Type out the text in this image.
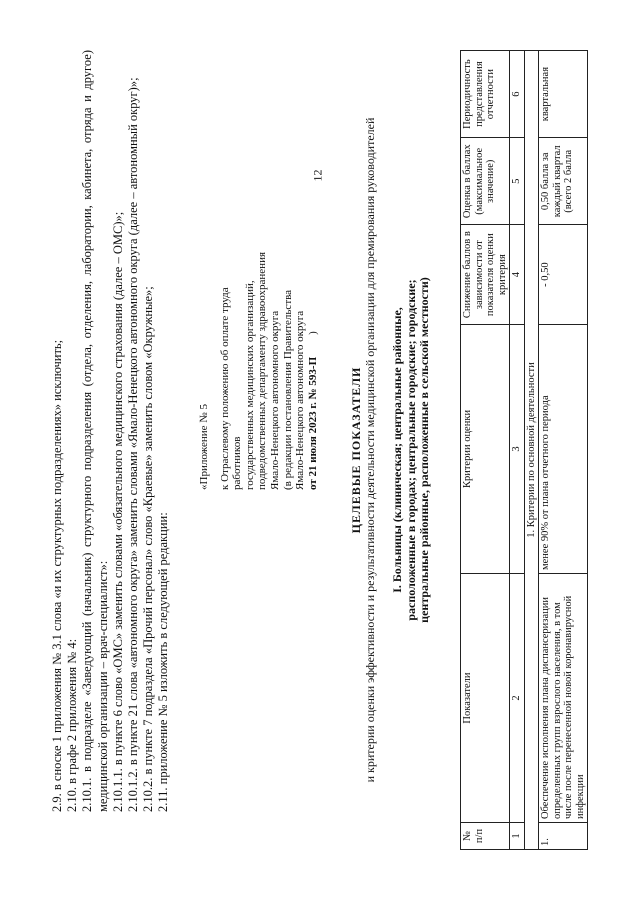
12

2.9. в сноске 1 приложения № 3.1 слова «и их структурных подразделениях» исключить; 2.10. в графе 2 приложения № 4: 2.10.1. в подразделе «Заведующий (начальник) структурного подразделения (отдела, отделения, лаборатории, кабинета, отряда и другое) медицинской организации – врач-специалист»: 2.10.1.1. в пункте 6 слово «ОМС» заменить словами «обязательного медицинского страхования (далее – ОМС)»; 2.10.1.2. в пункте 21 слова «автономного округа» заменить словами «Ямало-Ненецкого автономного округа (далее – автономный округ)»; 2.10.2. в пункте 7 подраздела «Прочий персонал» слово «Краевые» заменить словом «Окружные»; 2.11. приложение № 5 изложить в следующей редакции:

«Приложение № 5 к Отраслевому положению об оплате труда работников государственных медицинских организаций, подведомственных департаменту здравоохранения Ямало-Ненецкого автономного округа (в редакции постановления Правительства Ямало-Ненецкого автономного округа от 21 июля 2023 г. № 593-П        )
ЦЕЛЕВЫЕ ПОКАЗАТЕЛИ и критерии оценки эффективности и результативности деятельности медицинской организации для премирования руководителей I. Больницы (клиническая; центральные районные, расположенные в городах; центральные городские; городские; центральные районные, расположенные в сельской местности)
№ п/п	Показатели	Критерии оценки	Снижение баллов в зависимости от показателя оценки критерия	Оценка в баллах (максимальное значение)	Периодичность представления отчетности
1	2	3	4	5	6
1. Критерии по основной деятельности					
1.	Обеспечение исполнения плана диспансеризации определенных групп взрослого населения, в том числе после перенесенной новой коронавирусной инфекции	менее 90% от плана отчетного периода	- 0,50	0,50 балла за каждый квартал (всего 2 балла	квартальная
